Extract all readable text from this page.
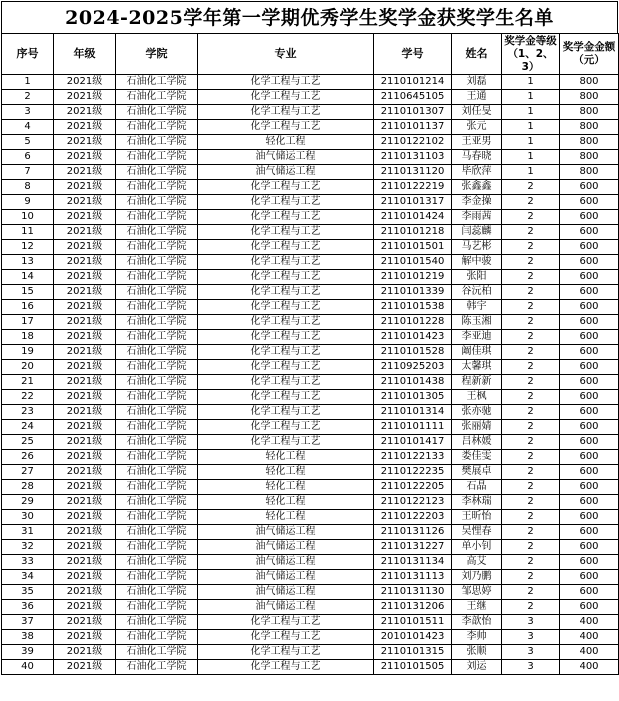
2024-2025学年第一学期优秀学生奖学金获奖学生名单
序号	年级	学院	专业	学号	姓名	奖学金等级（1、2、3）	奖学金金额（元）
1	2021级	石油化工学院	化学工程与工艺	2110101214	刘磊	1	800
2	2021级	石油化工学院	化学工程与工艺	2110645105	王通	1	800
3	2021级	石油化工学院	化学工程与工艺	2110101307	刘任旻	1	800
4	2021级	石油化工学院	化学工程与工艺	2110101137	张元	1	800
5	2021级	石油化工学院	轻化工程	2110122102	王亚男	1	800
6	2021级	石油化工学院	油气储运工程	2110131103	马春晓	1	800
7	2021级	石油化工学院	油气储运工程	2110131120	毕欣萍	1	800
8	2021级	石油化工学院	化学工程与工艺	2110122219	张鑫鑫	2	600
9	2021级	石油化工学院	化学工程与工艺	2110101317	李金操	2	600
10	2021级	石油化工学院	化学工程与工艺	2110101424	李雨茜	2	600
11	2021级	石油化工学院	化学工程与工艺	2110101218	闫蕊麟	2	600
12	2021级	石油化工学院	化学工程与工艺	2110101501	马艺彬	2	600
13	2021级	石油化工学院	化学工程与工艺	2110101540	解中骏	2	600
14	2021级	石油化工学院	化学工程与工艺	2110101219	张阳	2	600
15	2021级	石油化工学院	化学工程与工艺	2110101339	谷沅柏	2	600
16	2021级	石油化工学院	化学工程与工艺	2110101538	韩宇	2	600
17	2021级	石油化工学院	化学工程与工艺	2110101228	陈玉湘	2	600
18	2021级	石油化工学院	化学工程与工艺	2110101423	李亚迪	2	600
19	2021级	石油化工学院	化学工程与工艺	2110101528	阚佳琪	2	600
20	2021级	石油化工学院	化学工程与工艺	2110925203	太馨琪	2	600
21	2021级	石油化工学院	化学工程与工艺	2110101438	程新新	2	600
22	2021级	石油化工学院	化学工程与工艺	2110101305	王枫	2	600
23	2021级	石油化工学院	化学工程与工艺	2110101314	张亦驰	2	600
24	2021级	石油化工学院	化学工程与工艺	2110101111	张丽婧	2	600
25	2021级	石油化工学院	化学工程与工艺	2110101417	吕林媛	2	600
26	2021级	石油化工学院	轻化工程	2110122133	娄佳雯	2	600
27	2021级	石油化工学院	轻化工程	2110122235	樊展卓	2	600
28	2021级	石油化工学院	轻化工程	2110122205	石晶	2	600
29	2021级	石油化工学院	轻化工程	2110122123	李林瑞	2	600
30	2021级	石油化工学院	轻化工程	2110122203	王昕怡	2	600
31	2021级	石油化工学院	油气储运工程	2110131126	吴悝春	2	600
32	2021级	石油化工学院	油气储运工程	2110131227	单小钊	2	600
33	2021级	石油化工学院	油气储运工程	2110131134	高艾	2	600
34	2021级	石油化工学院	油气储运工程	2110131113	刘乃鹏	2	600
35	2021级	石油化工学院	油气储运工程	2110131130	邹思婷	2	600
36	2021级	石油化工学院	油气储运工程	2110131206	王继	2	600
37	2021级	石油化工学院	化学工程与工艺	2110101511	李歆怡	3	400
38	2021级	石油化工学院	化学工程与工艺	2010101423	李帅	3	400
39	2021级	石油化工学院	化学工程与工艺	2110101315	张顺	3	400
40	2021级	石油化工学院	化学工程与工艺	2110101505	刘运	3	400
